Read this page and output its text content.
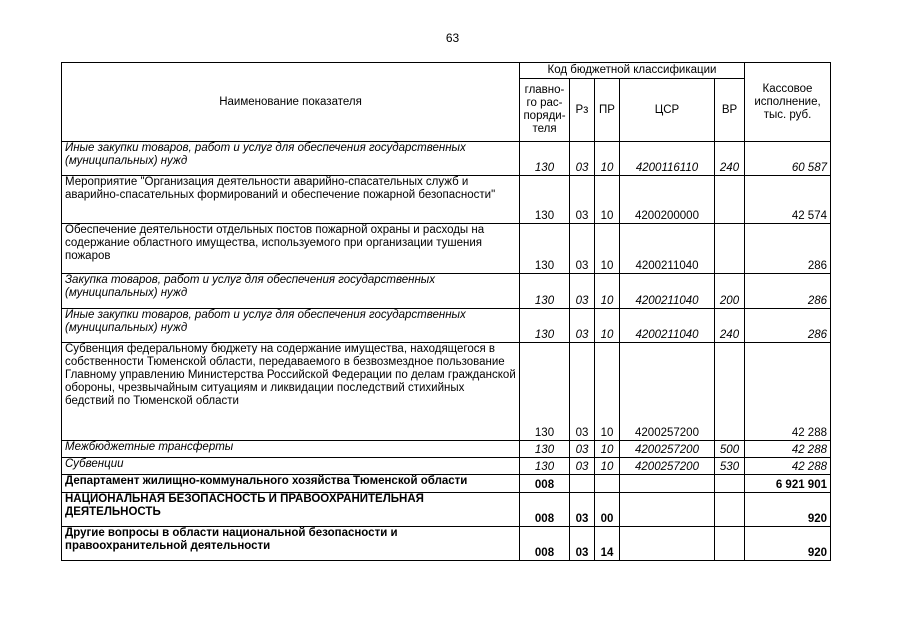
63
Наименование показателя	Код бюджетной классификации					Кассовое исполнение, тыс. руб.
	главно-го рас-поряди-теля	Рз	ПР	ЦСР	ВР	
Иные закупки товаров, работ и услуг для обеспечения государственных (муниципальных) нужд	130	03	10	4200116110	240	60 587
Мероприятие "Организация деятельности аварийно-спасательных служб и аварийно-спасательных формирований и обеспечение пожарной безопасности"	130	03	10	4200200000		42 574
Обеспечение деятельности отдельных постов пожарной охраны и расходы на содержание областного имущества, используемого при организации тушения пожаров	130	03	10	4200211040		286
Закупка товаров, работ и услуг для обеспечения государственных (муниципальных) нужд	130	03	10	4200211040	200	286
Иные закупки товаров, работ и услуг для обеспечения государственных (муниципальных) нужд	130	03	10	4200211040	240	286
Субвенция федеральному бюджету на содержание имущества, находящегося в собственности Тюменской области, передаваемого в безвозмездное пользование Главному управлению Министерства Российской Федерации по делам гражданской обороны, чрезвычайным ситуациям и ликвидации последствий стихийных бедствий по Тюменской области	130	03	10	4200257200		42 288
Межбюджетные трансферты	130	03	10	4200257200	500	42 288
Субвенции	130	03	10	4200257200	530	42 288
Департамент жилищно-коммунального хозяйства Тюменской области	008					6 921 901
НАЦИОНАЛЬНАЯ БЕЗОПАСНОСТЬ И ПРАВООХРАНИТЕЛЬНАЯ ДЕЯТЕЛЬНОСТЬ	008	03	00			920
Другие вопросы в области национальной безопасности и правоохранительной деятельности	008	03	14			920
